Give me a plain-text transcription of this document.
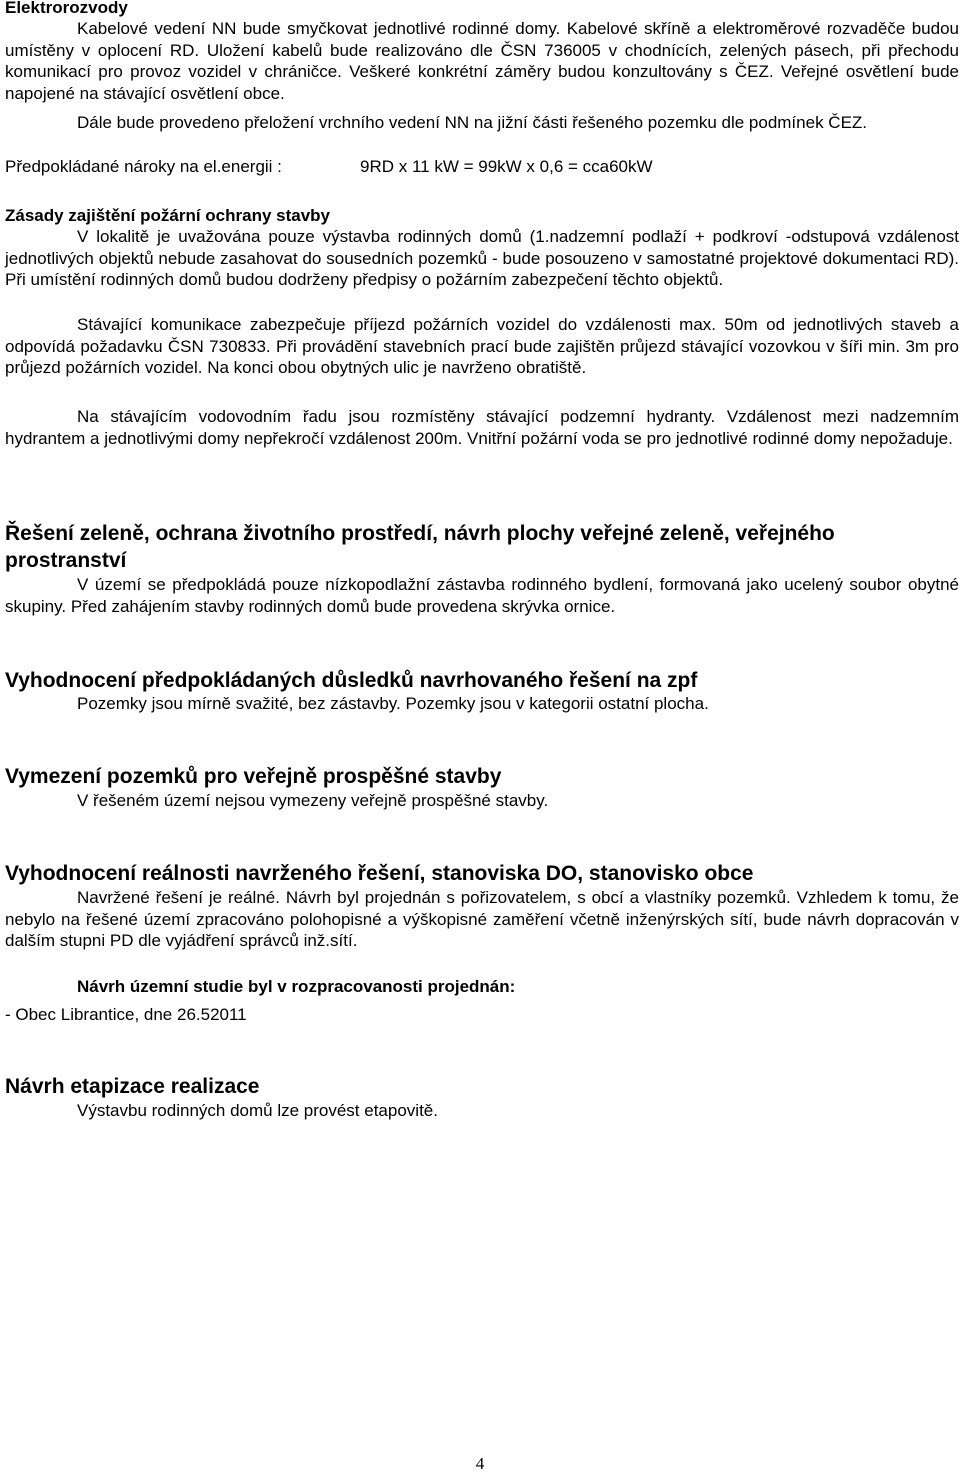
Elektrorozvody

Kabelové vedení NN bude smyčkovat jednotlivé rodinné domy. Kabelové skříně a elektroměrové rozvaděče budou umístěny v oplocení RD. Uložení kabelů bude realizováno dle ČSN 736005 v chodnících, zelených pásech, při přechodu komunikací pro provoz vozidel v chráničce. Veškeré konkrétní záměry budou konzultovány s ČEZ. Veřejné osvětlení bude napojené na stávající osvětlení obce.

Dále bude provedeno přeložení vrchního vedení NN na jižní části řešeného pozemku dle podmínek ČEZ.

Předpokládané nároky na el.energii :	9RD x 11 kW = 99kW x 0,6 = cca60kW

Zásady zajištění požární ochrany stavby

V lokalitě je uvažována pouze výstavba rodinných domů (1.nadzemní podlaží + podkroví -odstupová vzdálenost jednotlivých objektů nebude zasahovat do sousedních pozemků - bude posouzeno v samostatné projektové dokumentaci RD). Při umístění rodinných domů budou dodrženy předpisy o požárním zabezpečení těchto objektů.

Stávající komunikace zabezpečuje příjezd požárních vozidel do vzdálenosti max. 50m od jednotlivých staveb a odpovídá požadavku ČSN 730833. Při provádění stavebních prací bude zajištěn průjezd stávající vozovkou v šíři min. 3m pro průjezd požárních vozidel. Na konci obou obytných ulic je navrženo obratiště.

Na stávajícím vodovodním řadu jsou rozmístěny stávající podzemní hydranty. Vzdálenost mezi nadzemním hydrantem a jednotlivými domy nepřekročí vzdálenost 200m. Vnitřní požární voda se pro jednotlivé rodinné domy nepožaduje.

Řešení zeleně, ochrana životního prostředí, návrh plochy veřejné zeleně, veřejného prostranství

V území se předpokládá pouze nízkopodlažní zástavba rodinného bydlení, formovaná jako ucelený soubor obytné skupiny. Před zahájením stavby rodinných domů bude provedena skrývka ornice.

Vyhodnocení předpokládaných důsledků navrhovaného řešení na zpf

Pozemky jsou mírně svažité, bez zástavby. Pozemky jsou v kategorii ostatní plocha.

Vymezení pozemků pro veřejně prospěšné stavby

V řešeném území nejsou vymezeny veřejně prospěšné stavby.

Vyhodnocení reálnosti navrženého řešení, stanoviska DO, stanovisko obce

Navržené řešení je reálné. Návrh byl projednán s pořizovatelem, s obcí a vlastníky pozemků. Vzhledem k tomu, že nebylo na řešené území zpracováno polohopisné a výškopisné zaměření včetně inženýrských sítí, bude návrh dopracován v dalším stupni PD dle vyjádření správců inž.sítí.

Návrh územní studie byl v rozpracovanosti projednán:

- Obec Librantice, dne 26.52011

Návrh etapizace realizace

Výstavbu rodinných domů lze provést etapovitě.

4
